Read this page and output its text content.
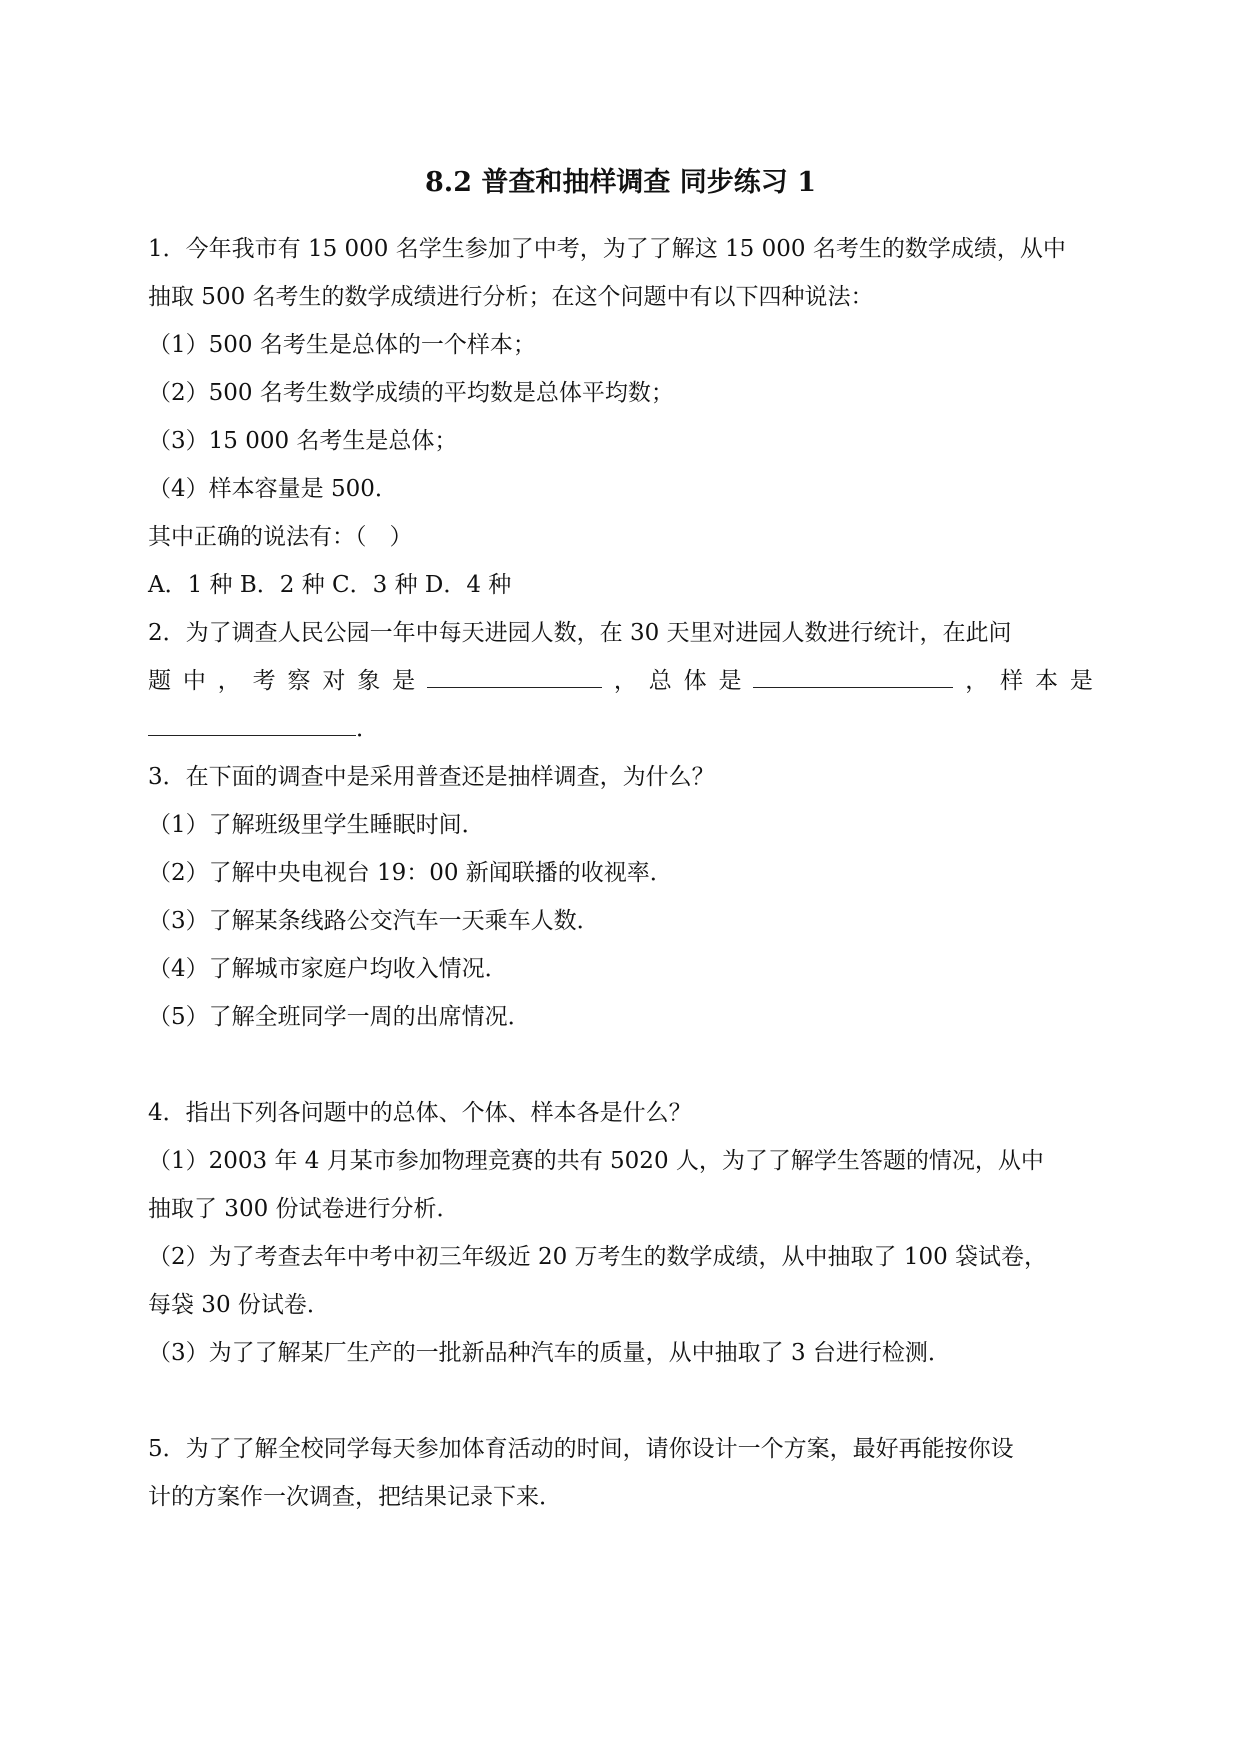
8.2 普查和抽样调查 同步练习 1
1．今年我市有 15 000 名学生参加了中考，为了了解这 15 000 名考生的数学成绩，从中
抽取 500 名考生的数学成绩进行分析；在这个问题中有以下四种说法：
（1）500 名考生是总体的一个样本；
（2）500 名考生数学成绩的平均数是总体平均数；
（3）15 000 名考生是总体；
（4）样本容量是 500．
其中正确的说法有：（　）
A．1 种 B．2 种 C．3 种 D．4 种
2．为了调查人民公园一年中每天进园人数，在 30 天里对进园人数进行统计，在此问
题 中 ， 考 察 对 象 是	， 总 体 是	， 样 本 是
．
3．在下面的调查中是采用普查还是抽样调查，为什么？
（1）了解班级里学生睡眠时间．
（2）了解中央电视台 19：00 新闻联播的收视率．
（3）了解某条线路公交汽车一天乘车人数．
（4）了解城市家庭户均收入情况．
（5）了解全班同学一周的出席情况．
4．指出下列各问题中的总体、个体、样本各是什么？
（1）2003 年 4 月某市参加物理竞赛的共有 5020 人，为了了解学生答题的情况，从中
抽取了 300 份试卷进行分析．
（2）为了考查去年中考中初三年级近 20 万考生的数学成绩，从中抽取了 100 袋试卷，
每袋 30 份试卷．
（3）为了了解某厂生产的一批新品种汽车的质量，从中抽取了 3 台进行检测．
5．为了了解全校同学每天参加体育活动的时间，请你设计一个方案，最好再能按你设
计的方案作一次调查，把结果记录下来．
